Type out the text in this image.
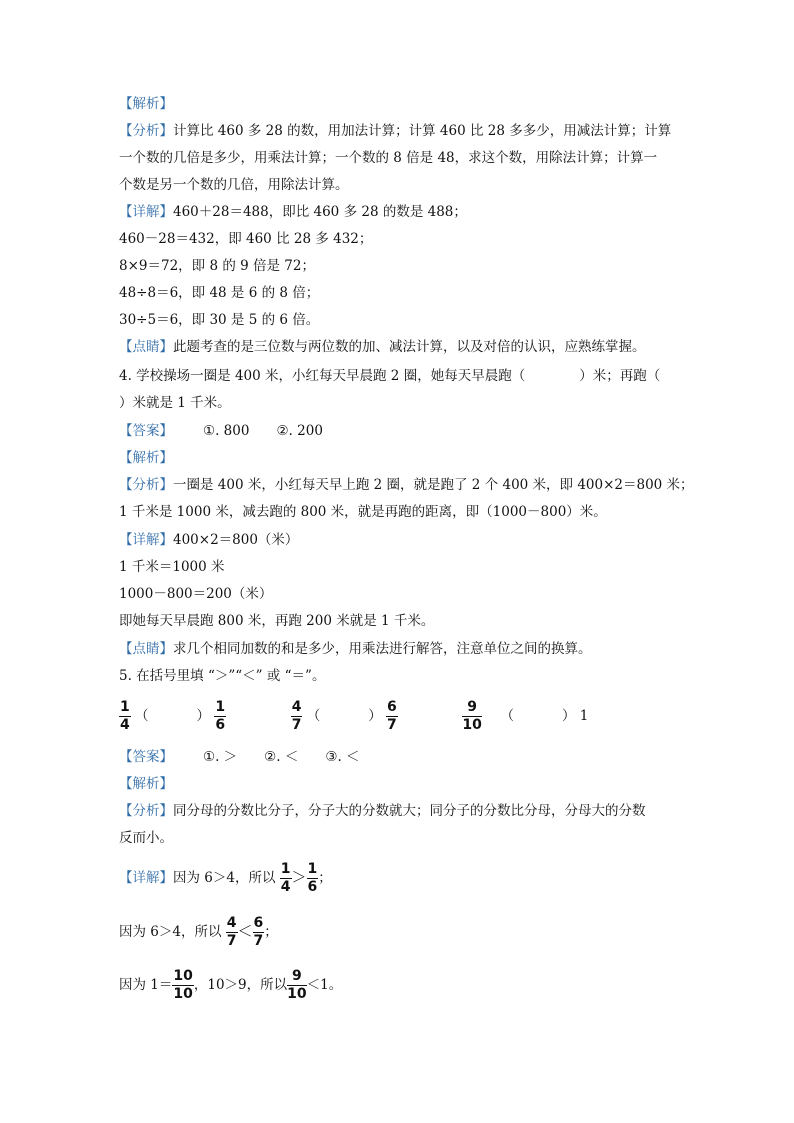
【解析】
【分析】计算比 460 多 28 的数，用加法计算；计算 460 比 28 多多少，用减法计算；计算
一个数的几倍是多少，用乘法计算；一个数的 8 倍是 48，求这个数，用除法计算；计算一
个数是另一个数的几倍，用除法计算。
【详解】460＋28＝488，即比 460 多 28 的数是 488；
460－28＝432，即 460 比 28 多 432；
8×9＝72，即 8 的 9 倍是 72；
48÷8＝6，即 48 是 6 的 8 倍；
30÷5＝6，即 30 是 5 的 6 倍。
【点睛】此题考查的是三位数与两位数的加、减法计算，以及对倍的认识，应熟练掌握。
4. 学校操场一圈是 400 米，小红每天早晨跑 2 圈，她每天早晨跑（　　　　）米；再跑（
）米就是 1 千米。
【答案】 ①. 800　　②. 200
【解析】
【分析】一圈是 400 米，小红每天早上跑 2 圈，就是跑了 2 个 400 米，即 400×2＝800 米；
1 千米是 1000 米，减去跑的 800 米，就是再跑的距离，即（1000－800）米。
【详解】400×2＝800（米）
1 千米＝1000 米
1000－800＝200（米）
即她每天早晨跑 800 米，再跑 200 米就是 1 千米。
【点睛】求几个相同加数的和是多少，用乘法进行解答，注意单位之间的换算。
5. 在括号里填 “＞”“＜” 或 “＝”。
$\frac{1}{4}$ （	） $\frac{1}{6}$
	$\frac{4}{7}$ （	） $\frac{6}{7}$
	$\frac{9}{10}$ （	） 1
【答案】 ①. ＞　　②. ＜　　③. ＜
【解析】
【分析】同分母的分数比分子，分子大的分数就大；同分子的分数比分母，分母大的分数
反而小。
【详解】因为 6＞4，所以 $\frac{1}{4} > \frac{1}{6}$ ；
因为 6＞4，所以 $\frac{4}{7} < \frac{6}{7}$ ；
因为 $1= \frac{10}{10}$ ，10＞9，所以 $\frac{9}{10} <1$。
